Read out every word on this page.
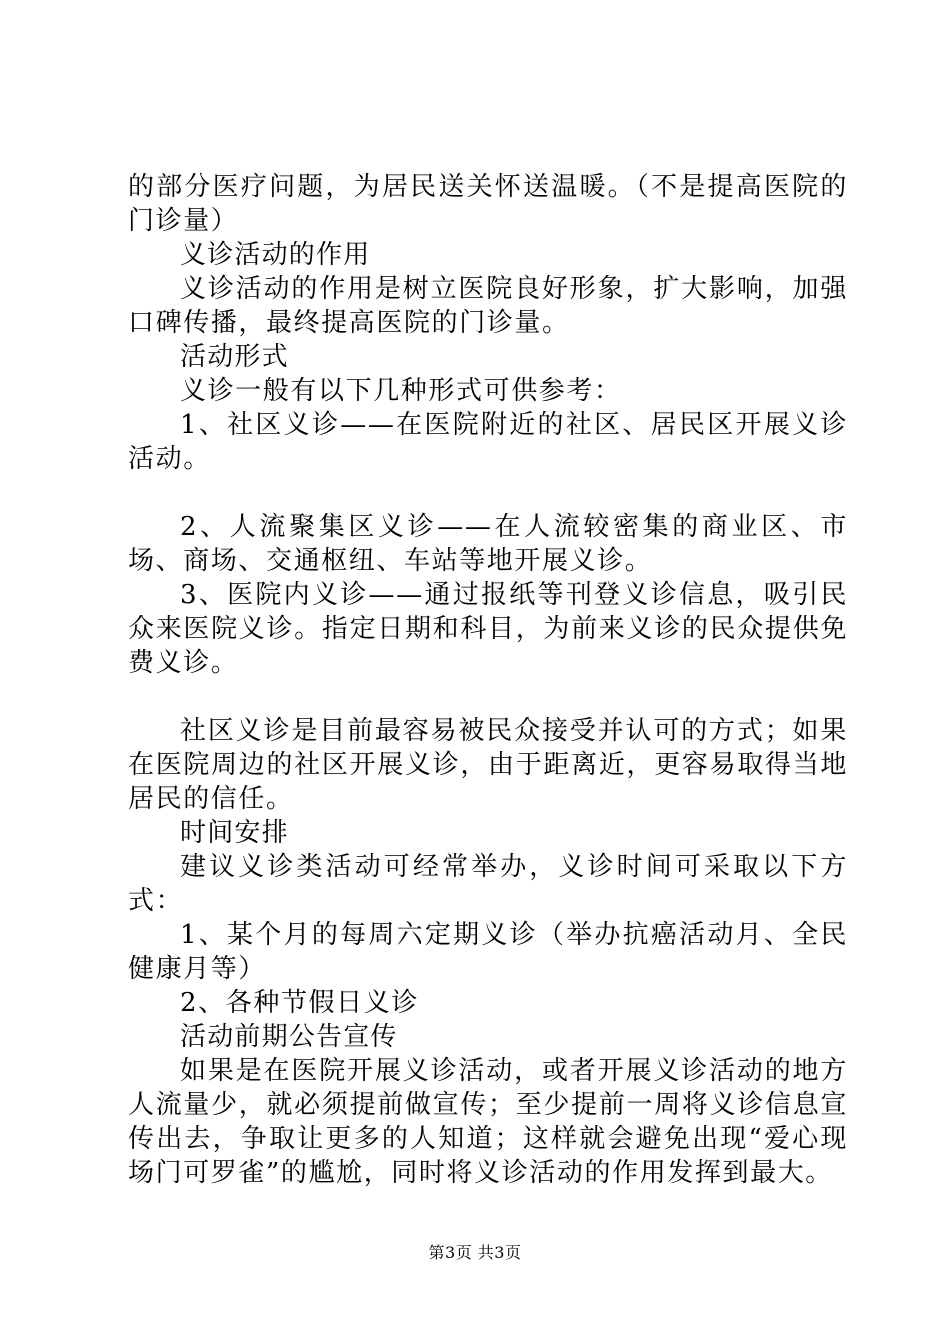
的部分医疗问题，为居民送关怀送温暖。（不是提高医院的门诊量）

义诊活动的作用

义诊活动的作用是树立医院良好形象，扩大影响，加强口碑传播，最终提高医院的门诊量。

活动形式

义诊一般有以下几种形式可供参考：

1、社区义诊——在医院附近的社区、居民区开展义诊活动。

2、人流聚集区义诊——在人流较密集的商业区、市场、商场、交通枢纽、车站等地开展义诊。

3、医院内义诊——通过报纸等刊登义诊信息，吸引民众来医院义诊。指定日期和科目，为前来义诊的民众提供免费义诊。

社区义诊是目前最容易被民众接受并认可的方式；如果在医院周边的社区开展义诊，由于距离近，更容易取得当地居民的信任。

时间安排

建议义诊类活动可经常举办，义诊时间可采取以下方式：

1、某个月的每周六定期义诊（举办抗癌活动月、全民健康月等）

2、各种节假日义诊

活动前期公告宣传

如果是在医院开展义诊活动，或者开展义诊活动的地方人流量少，就必须提前做宣传；至少提前一周将义诊信息宣传出去，争取让更多的人知道；这样就会避免出现“爱心现场门可罗雀”的尴尬，同时将义诊活动的作用发挥到最大。

第3页 共3页
